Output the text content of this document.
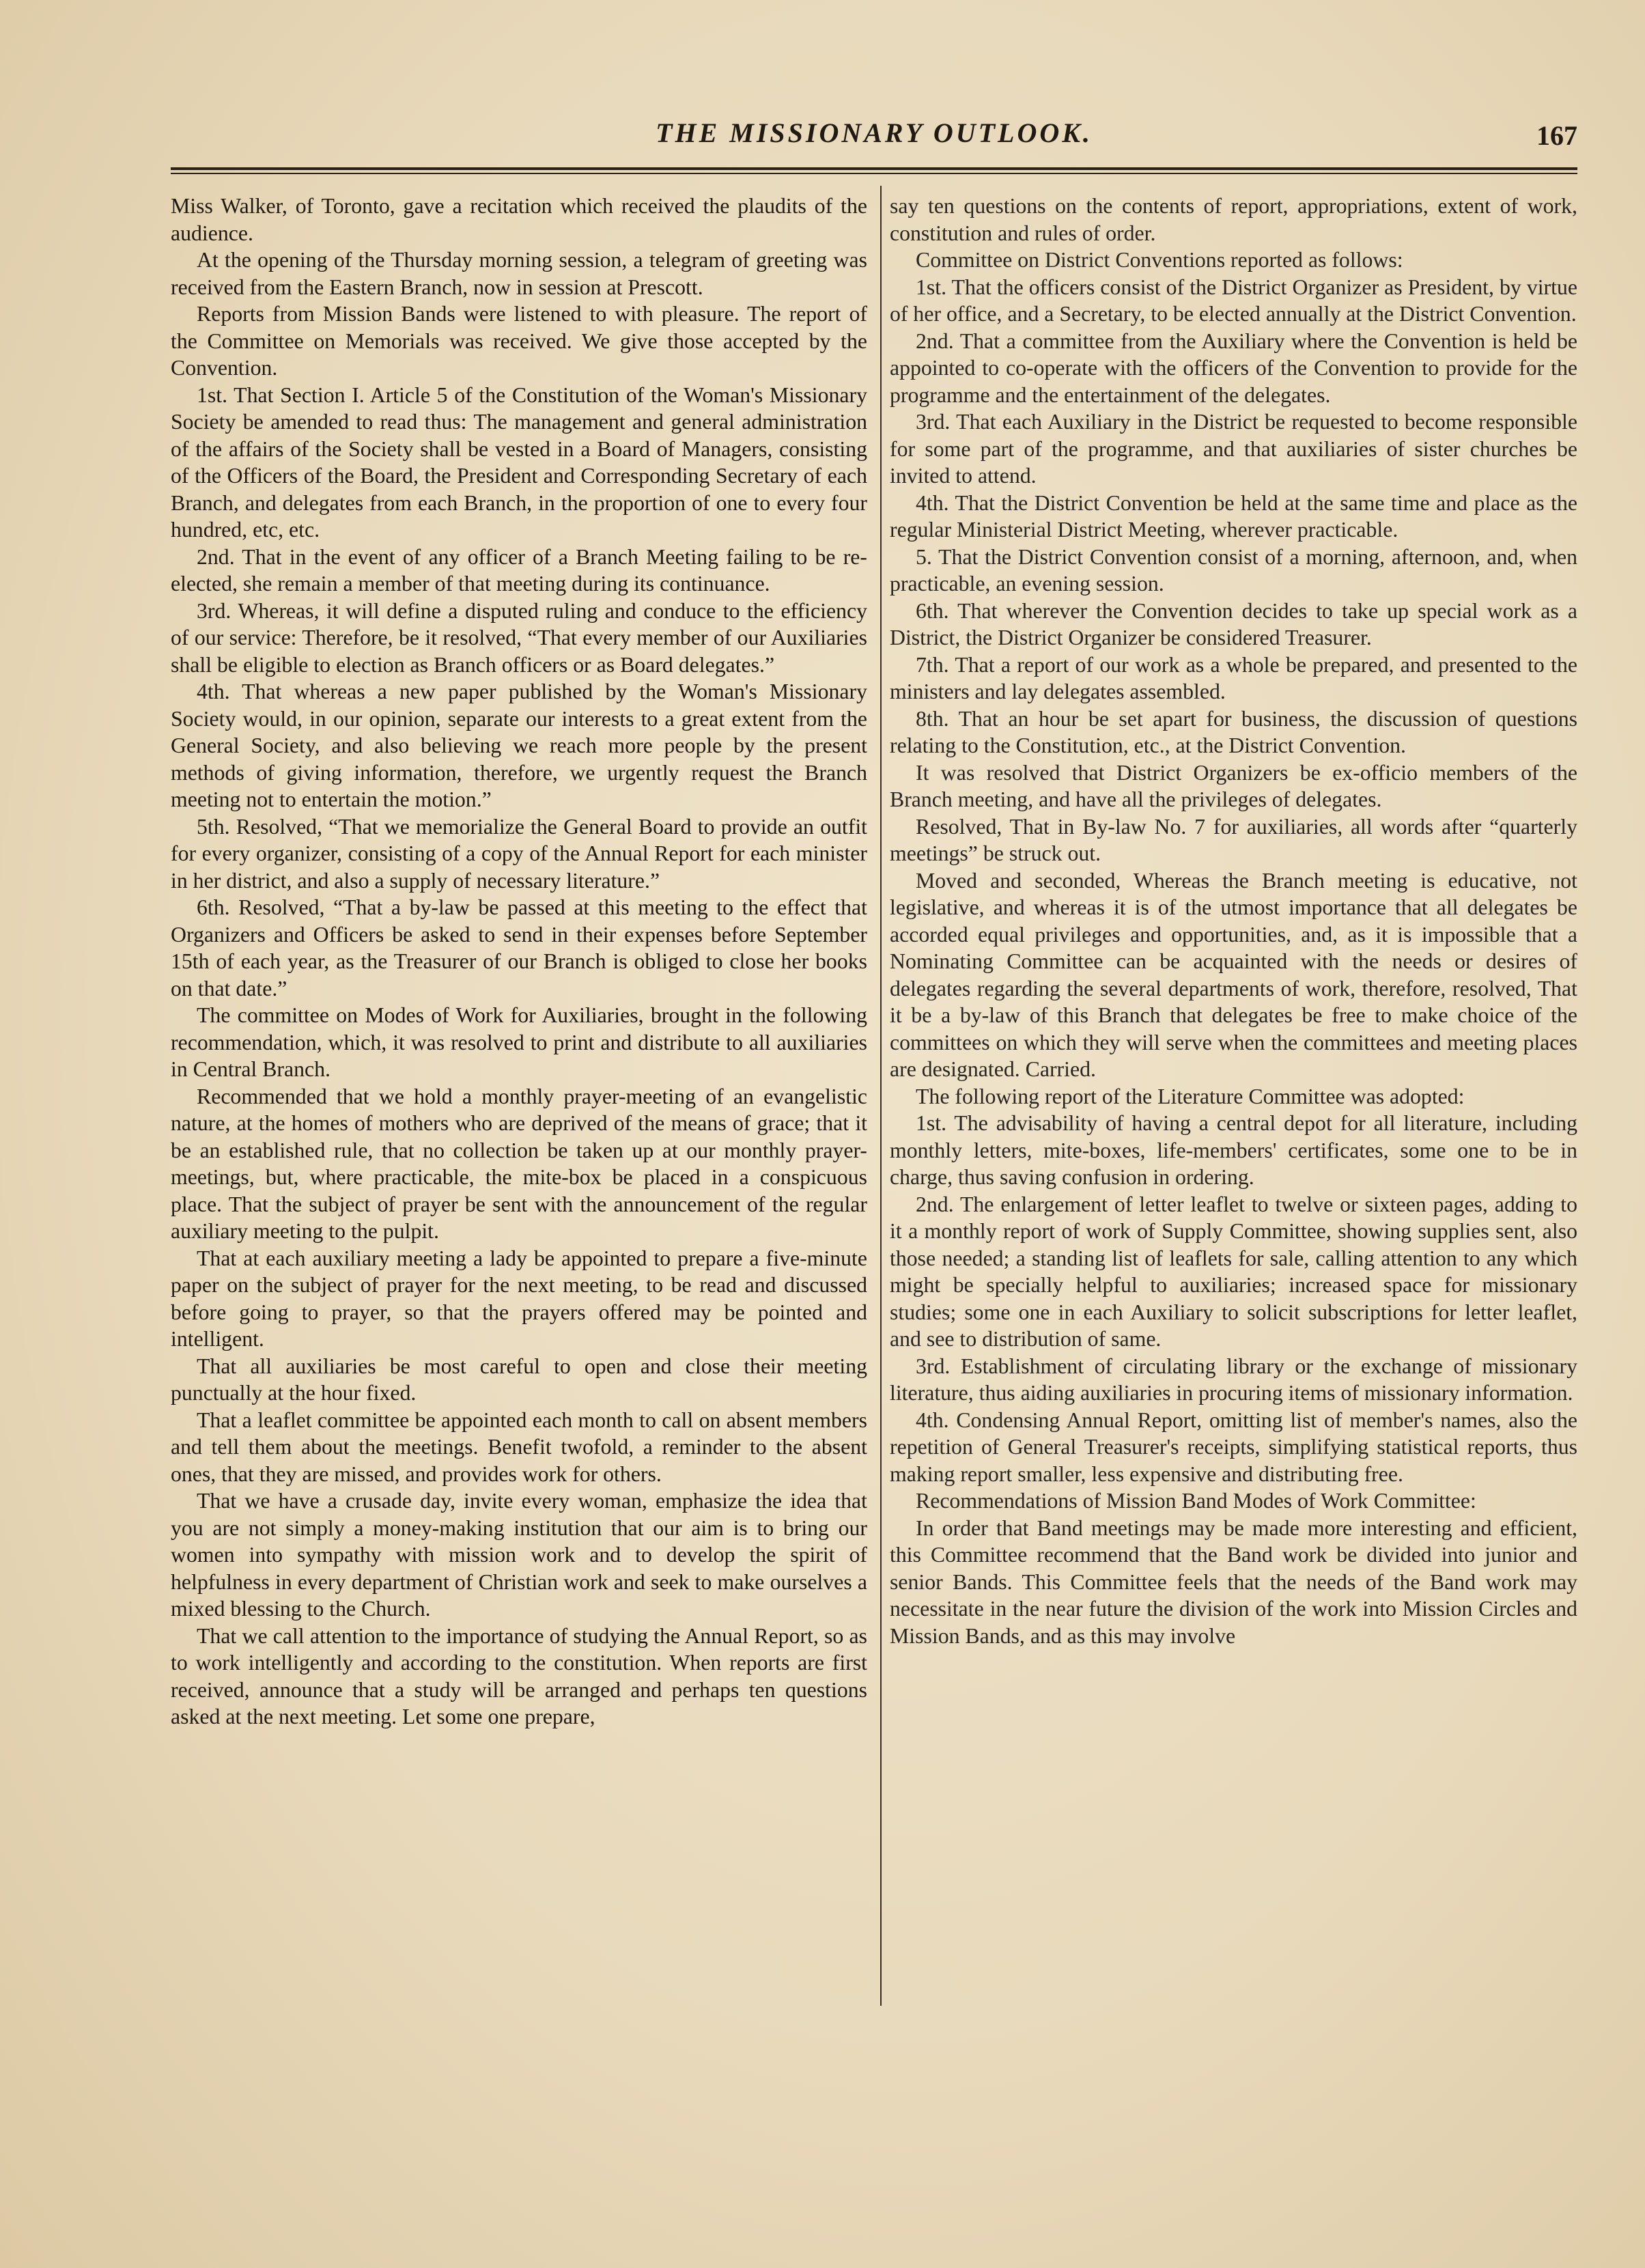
THE MISSIONARY OUTLOOK.	167

Miss Walker, of Toronto, gave a recitation which received the plaudits of the audience.

At the opening of the Thursday morning session, a telegram of greeting was received from the Eastern Branch, now in session at Prescott.

Reports from Mission Bands were listened to with pleasure. The report of the Committee on Memorials was received. We give those accepted by the Convention.

1st. That Section I. Article 5 of the Constitution of the Woman's Missionary Society be amended to read thus: The management and general administration of the affairs of the Society shall be vested in a Board of Managers, consisting of the Officers of the Board, the President and Corresponding Secretary of each Branch, and delegates from each Branch, in the proportion of one to every four hundred, etc, etc.

2nd. That in the event of any officer of a Branch Meeting failing to be re-elected, she remain a member of that meeting during its continuance.

3rd. Whereas, it will define a disputed ruling and conduce to the efficiency of our service: Therefore, be it resolved, “That every member of our Auxiliaries shall be eligible to election as Branch officers or as Board delegates.”

4th. That whereas a new paper published by the Woman's Missionary Society would, in our opinion, separate our interests to a great extent from the General Society, and also believing we reach more people by the present methods of giving information, therefore, we urgently request the Branch meeting not to entertain the motion.”

5th. Resolved, “That we memorialize the General Board to provide an outfit for every organizer, consisting of a copy of the Annual Report for each minister in her district, and also a supply of necessary literature.”

6th. Resolved, “That a by-law be passed at this meeting to the effect that Organizers and Officers be asked to send in their expenses before September 15th of each year, as the Treasurer of our Branch is obliged to close her books on that date.”

The committee on Modes of Work for Auxiliaries, brought in the following recommendation, which, it was resolved to print and distribute to all auxiliaries in Central Branch.

Recommended that we hold a monthly prayer-meeting of an evangelistic nature, at the homes of mothers who are deprived of the means of grace; that it be an established rule, that no collection be taken up at our monthly prayer-meetings, but, where practicable, the mite-box be placed in a conspicuous place. That the subject of prayer be sent with the announcement of the regular auxiliary meeting to the pulpit.

That at each auxiliary meeting a lady be appointed to prepare a five-minute paper on the subject of prayer for the next meeting, to be read and discussed before going to prayer, so that the prayers offered may be pointed and intelligent.

That all auxiliaries be most careful to open and close their meeting punctually at the hour fixed.

That a leaflet committee be appointed each month to call on absent members and tell them about the meetings. Benefit twofold, a reminder to the absent ones, that they are missed, and provides work for others.

That we have a crusade day, invite every woman, emphasize the idea that you are not simply a money-making institution that our aim is to bring our women into sympathy with mission work and to develop the spirit of helpfulness in every department of Christian work and seek to make ourselves a mixed blessing to the Church.

That we call attention to the importance of studying the Annual Report, so as to work intelligently and according to the constitution. When reports are first received, announce that a study will be arranged and perhaps ten questions asked at the next meeting. Let some one prepare,

say ten questions on the contents of report, appropriations, extent of work, constitution and rules of order.

Committee on District Conventions reported as follows:

1st. That the officers consist of the District Organizer as President, by virtue of her office, and a Secretary, to be elected annually at the District Convention.

2nd. That a committee from the Auxiliary where the Convention is held be appointed to co-operate with the officers of the Convention to provide for the programme and the entertainment of the delegates.

3rd. That each Auxiliary in the District be requested to become responsible for some part of the programme, and that auxiliaries of sister churches be invited to attend.

4th. That the District Convention be held at the same time and place as the regular Ministerial District Meeting, wherever practicable.

5. That the District Convention consist of a morning, afternoon, and, when practicable, an evening session.

6th. That wherever the Convention decides to take up special work as a District, the District Organizer be considered Treasurer.

7th. That a report of our work as a whole be prepared, and presented to the ministers and lay delegates assembled.

8th. That an hour be set apart for business, the discussion of questions relating to the Constitution, etc., at the District Convention.

It was resolved that District Organizers be ex-officio members of the Branch meeting, and have all the privileges of delegates.

Resolved, That in By-law No. 7 for auxiliaries, all words after “quarterly meetings” be struck out.

Moved and seconded, Whereas the Branch meeting is educative, not legislative, and whereas it is of the utmost importance that all delegates be accorded equal privileges and opportunities, and, as it is impossible that a Nominating Committee can be acquainted with the needs or desires of delegates regarding the several departments of work, therefore, resolved, That it be a by-law of this Branch that delegates be free to make choice of the committees on which they will serve when the committees and meeting places are designated. Carried.

The following report of the Literature Committee was adopted:

1st. The advisability of having a central depot for all literature, including monthly letters, mite-boxes, life-members' certificates, some one to be in charge, thus saving confusion in ordering.

2nd. The enlargement of letter leaflet to twelve or sixteen pages, adding to it a monthly report of work of Supply Committee, showing supplies sent, also those needed; a standing list of leaflets for sale, calling attention to any which might be specially helpful to auxiliaries; increased space for missionary studies; some one in each Auxiliary to solicit subscriptions for letter leaflet, and see to distribution of same.

3rd. Establishment of circulating library or the exchange of missionary literature, thus aiding auxiliaries in procuring items of missionary information.

4th. Condensing Annual Report, omitting list of member's names, also the repetition of General Treasurer's receipts, simplifying statistical reports, thus making report smaller, less expensive and distributing free.

Recommendations of Mission Band Modes of Work Committee:

In order that Band meetings may be made more interesting and efficient, this Committee recommend that the Band work be divided into junior and senior Bands. This Committee feels that the needs of the Band work may necessitate in the near future the division of the work into Mission Circles and Mission Bands, and as this may involve
